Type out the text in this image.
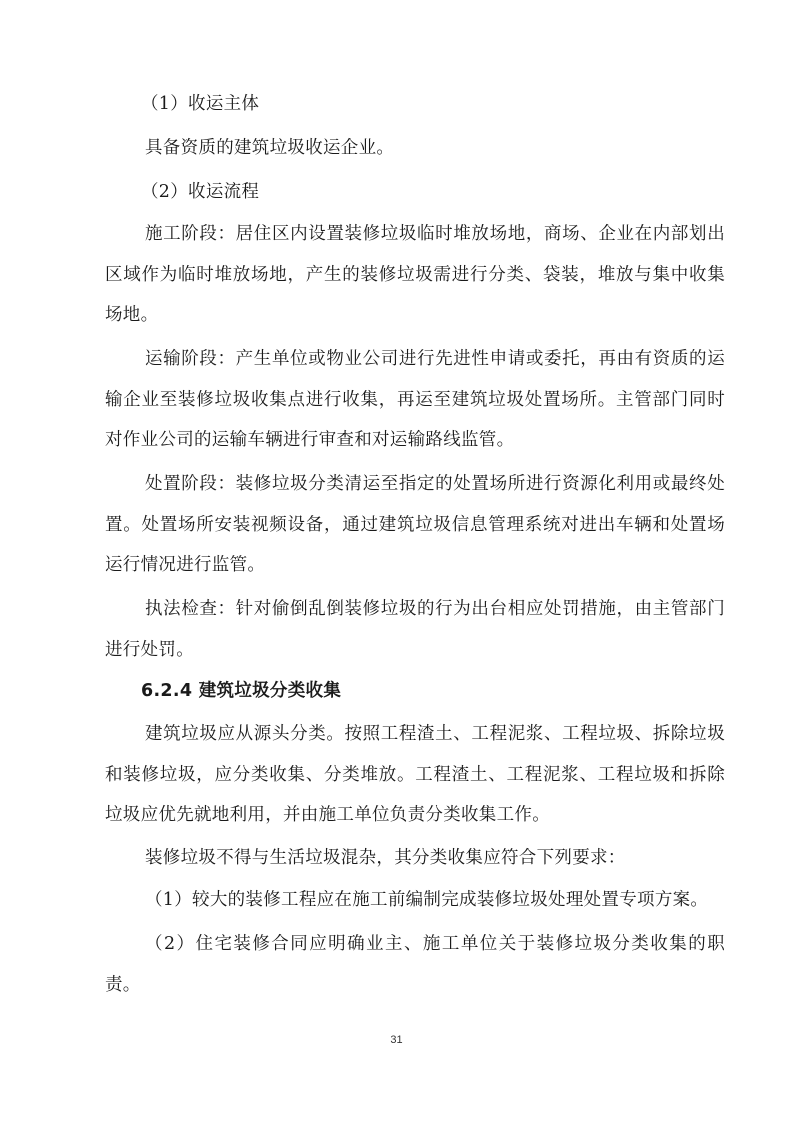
（1）收运主体

具备资质的建筑垃圾收运企业。

（2）收运流程

施工阶段：居住区内设置装修垃圾临时堆放场地，商场、企业在内部划出区域作为临时堆放场地，产生的装修垃圾需进行分类、袋装，堆放与集中收集场地。

运输阶段：产生单位或物业公司进行先进性申请或委托，再由有资质的运输企业至装修垃圾收集点进行收集，再运至建筑垃圾处置场所。主管部门同时对作业公司的运输车辆进行审查和对运输路线监管。

处置阶段：装修垃圾分类清运至指定的处置场所进行资源化利用或最终处置。处置场所安装视频设备，通过建筑垃圾信息管理系统对进出车辆和处置场运行情况进行监管。

执法检查：针对偷倒乱倒装修垃圾的行为出台相应处罚措施，由主管部门进行处罚。

6.2.4 建筑垃圾分类收集

建筑垃圾应从源头分类。按照工程渣土、工程泥浆、工程垃圾、拆除垃圾和装修垃圾，应分类收集、分类堆放。工程渣土、工程泥浆、工程垃圾和拆除垃圾应优先就地利用，并由施工单位负责分类收集工作。

装修垃圾不得与生活垃圾混杂，其分类收集应符合下列要求：

（1）较大的装修工程应在施工前编制完成装修垃圾处理处置专项方案。

（2）住宅装修合同应明确业主、施工单位关于装修垃圾分类收集的职责。

31
